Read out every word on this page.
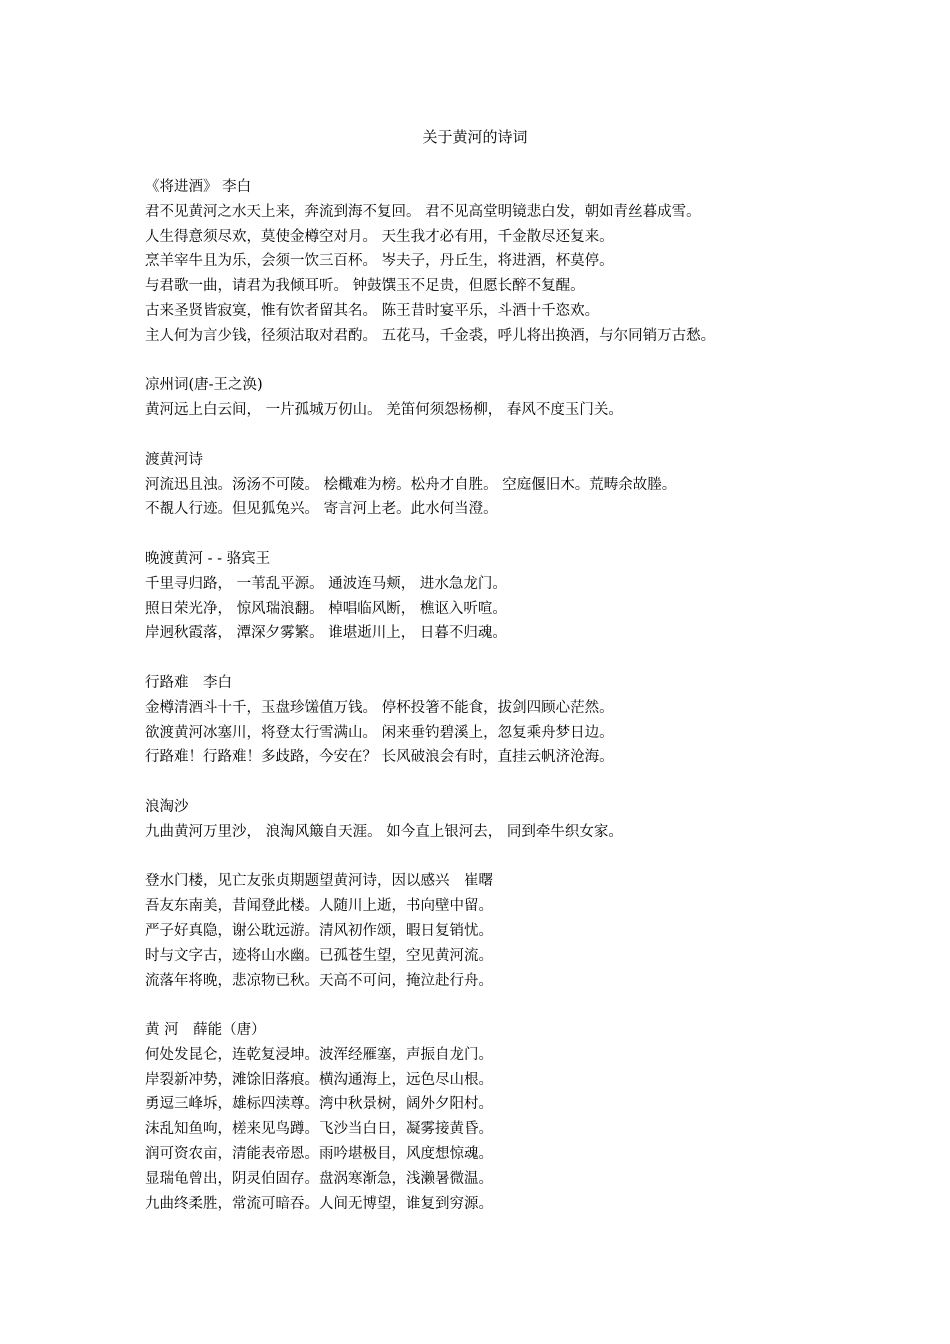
关于黄河的诗词
《将进酒》 李白
君不见黄河之水天上来，奔流到海不复回。 君不见高堂明镜悲白发，朝如青丝暮成雪。
人生得意须尽欢，莫使金樽空对月。 天生我才必有用，千金散尽还复来。
烹羊宰牛且为乐，会须一饮三百杯。 岑夫子，丹丘生，将进酒，杯莫停。
与君歌一曲，请君为我倾耳听。 钟鼓馔玉不足贵，但愿长醉不复醒。
古来圣贤皆寂寞，惟有饮者留其名。 陈王昔时宴平乐，斗酒十千恣欢。
主人何为言少钱，径须沽取对君酌。 五花马，千金裘，呼儿将出换酒，与尔同销万古愁。
凉州词(唐-王之涣)
黄河远上白云间， 一片孤城万仞山。 羌笛何须怨杨柳， 春风不度玉门关。
渡黄河诗
河流迅且浊。汤汤不可陵。 桧檝难为榜。松舟才自胜。 空庭偃旧木。荒畴余故塍。
不覩人行迹。但见狐兔兴。 寄言河上老。此水何当澄。
晚渡黄河 - - 骆宾王
千里寻归路， 一苇乱平源。 通波连马颊， 进水急龙门。
照日荣光净， 惊风瑞浪翻。 棹唱临风断， 樵讴入听喧。
岸迥秋霞落， 潭深夕雾繁。 谁堪逝川上， 日暮不归魂。
行路难　李白
金樽清酒斗十千，玉盘珍馐值万钱。 停杯投箸不能食，拔剑四顾心茫然。
欲渡黄河冰塞川，将登太行雪满山。 闲来垂钓碧溪上，忽复乘舟梦日边。
行路难！行路难！多歧路，今安在？ 长风破浪会有时，直挂云帆济沧海。
浪淘沙
九曲黄河万里沙， 浪淘风簸自天涯。 如今直上银河去， 同到牵牛织女家。
登水门楼，见亡友张贞期题望黄河诗，因以感兴　崔曙
吾友东南美，昔闻登此楼。人随川上逝，书向壁中留。
严子好真隐，谢公耽远游。清风初作颂，暇日复销忧。
时与文字古，迹将山水幽。已孤苍生望，空见黄河流。
流落年将晚，悲凉物已秋。天高不可问，掩泣赴行舟。
黄 河　薛能（唐）
何处发昆仑，连乾复浸坤。波浑经雁塞，声振自龙门。
岸裂新冲势，滩馀旧落痕。横沟通海上，远色尽山根。
勇逗三峰坼，雄标四渎尊。湾中秋景树，阔外夕阳村。
沫乱知鱼呴，槎来见鸟蹲。飞沙当白日，凝雾接黄昏。
润可资农亩，清能表帝恩。雨吟堪极目，风度想惊魂。
显瑞龟曾出，阴灵伯固存。盘涡寒渐急，浅濑暑微温。
九曲终柔胜，常流可暗吞。人间无博望，谁复到穷源。
